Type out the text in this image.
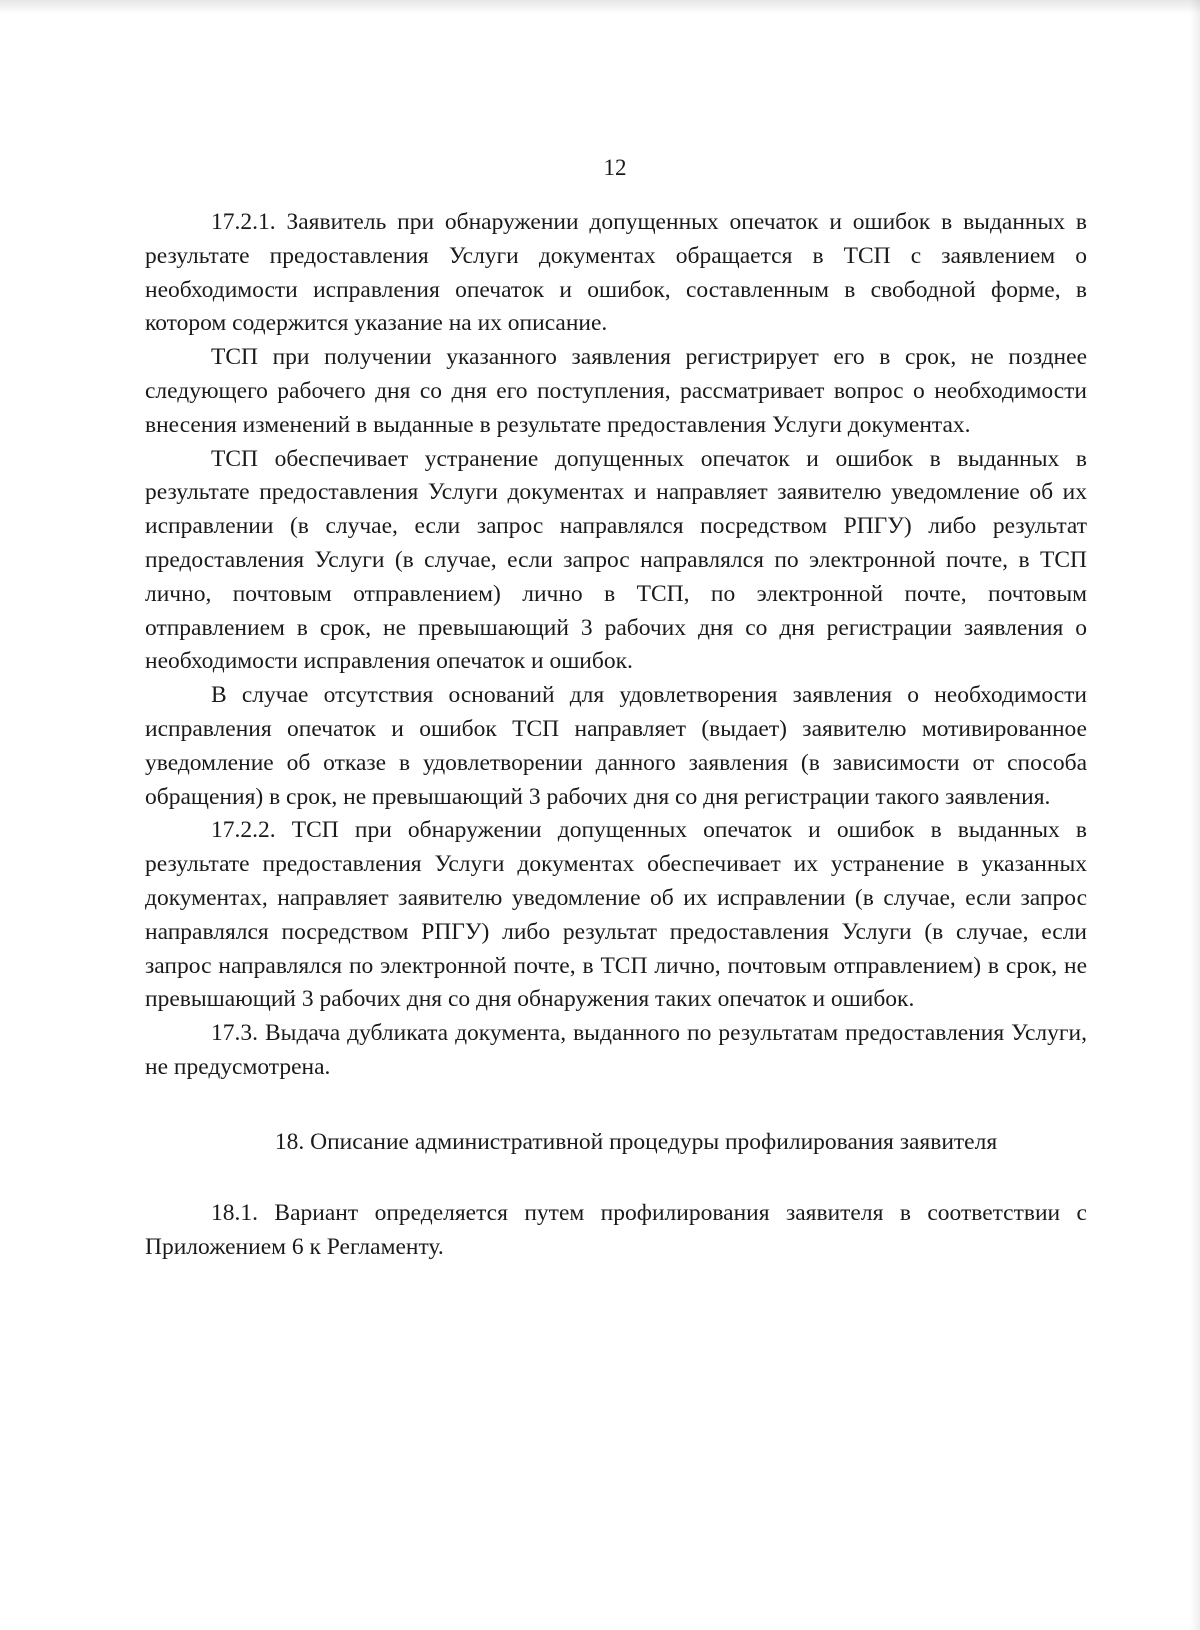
12

17.2.1. Заявитель при обнаружении допущенных опечаток и ошибок в выданных в результате предоставления Услуги документах обращается в ТСП с заявлением о необходимости исправления опечаток и ошибок, составленным в свободной форме, в котором содержится указание на их описание.

ТСП при получении указанного заявления регистрирует его в срок, не позднее следующего рабочего дня со дня его поступления, рассматривает вопрос о необходимости внесения изменений в выданные в результате предоставления Услуги документах.

ТСП обеспечивает устранение допущенных опечаток и ошибок в выданных в результате предоставления Услуги документах и направляет заявителю уведомление об их исправлении (в случае, если запрос направлялся посредством РПГУ) либо результат предоставления Услуги (в случае, если запрос направлялся по электронной почте, в ТСП лично, почтовым отправлением) лично в ТСП, по электронной почте, почтовым отправлением в срок, не превышающий 3 рабочих дня со дня регистрации заявления о необходимости исправления опечаток и ошибок.

В случае отсутствия оснований для удовлетворения заявления о необходимости исправления опечаток и ошибок ТСП направляет (выдает) заявителю мотивированное уведомление об отказе в удовлетворении данного заявления (в зависимости от способа обращения) в срок, не превышающий 3 рабочих дня со дня регистрации такого заявления.

17.2.2. ТСП при обнаружении допущенных опечаток и ошибок в выданных в результате предоставления Услуги документах обеспечивает их устранение в указанных документах, направляет заявителю уведомление об их исправлении (в случае, если запрос направлялся посредством РПГУ) либо результат предоставления Услуги (в случае, если запрос направлялся по электронной почте, в ТСП лично, почтовым отправлением) в срок, не превышающий 3 рабочих дня со дня обнаружения таких опечаток и ошибок.

17.3. Выдача дубликата документа, выданного по результатам предоставления Услуги, не предусмотрена.

18. Описание административной процедуры профилирования заявителя

18.1. Вариант определяется путем профилирования заявителя в соответствии с Приложением 6 к Регламенту.
